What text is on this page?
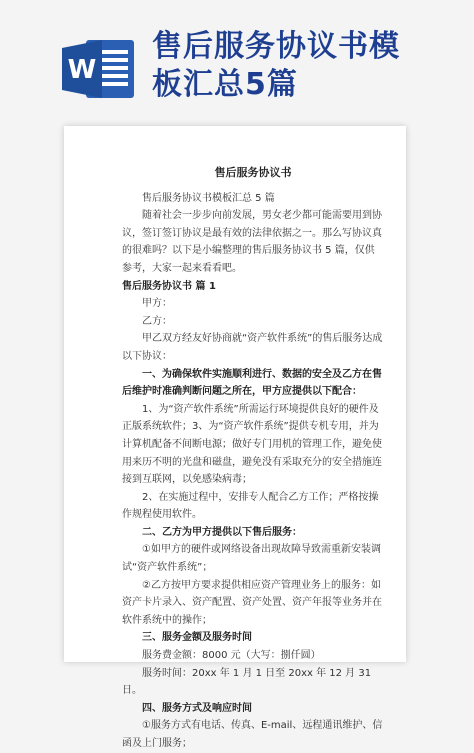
W
售后服务协议书模
板汇总5篇
售后服务协议书

售后服务协议书模板汇总 5 篇

随着社会一步步向前发展，男女老少都可能需要用到协议，签订签订协议是最有效的法律依据之一。那么写协议真的很难吗？以下是小编整理的售后服务协议书 5 篇，仅供参考，大家一起来看看吧。

售后服务协议书 篇 1

甲方：

乙方：

甲乙双方经友好协商就“资产软件系统”的售后服务达成以下协议：

一、为确保软件实施顺利进行、数据的安全及乙方在售后维护时准确判断问题之所在，甲方应提供以下配合：

1、为“资产软件系统”所需运行环境提供良好的硬件及正版系统软件；3、为“资产软件系统”提供专机专用，并为计算机配备不间断电源；做好专门用机的管理工作，避免使用来历不明的光盘和磁盘，避免没有采取充分的安全措施连接到互联网，以免感染病毒；

2、在实施过程中，安排专人配合乙方工作；严格按操作规程使用软件。

二、乙方为甲方提供以下售后服务：

①如甲方的硬件或网络设备出现故障导致需重新安装调试“资产软件系统”；

②乙方按甲方要求提供相应资产管理业务上的服务：如资产卡片录入、资产配置、资产处置、资产年报等业务并在软件系统中的操作；

三、服务金额及服务时间

服务费金额：8000 元（大写：捌仟圆）

服务时间：20xx 年 1 月 1 日至 20xx 年 12 月 31 日。

四、服务方式及响应时间

①服务方式有电话、传真、E-mail、远程通讯维护、信函及上门服务；
